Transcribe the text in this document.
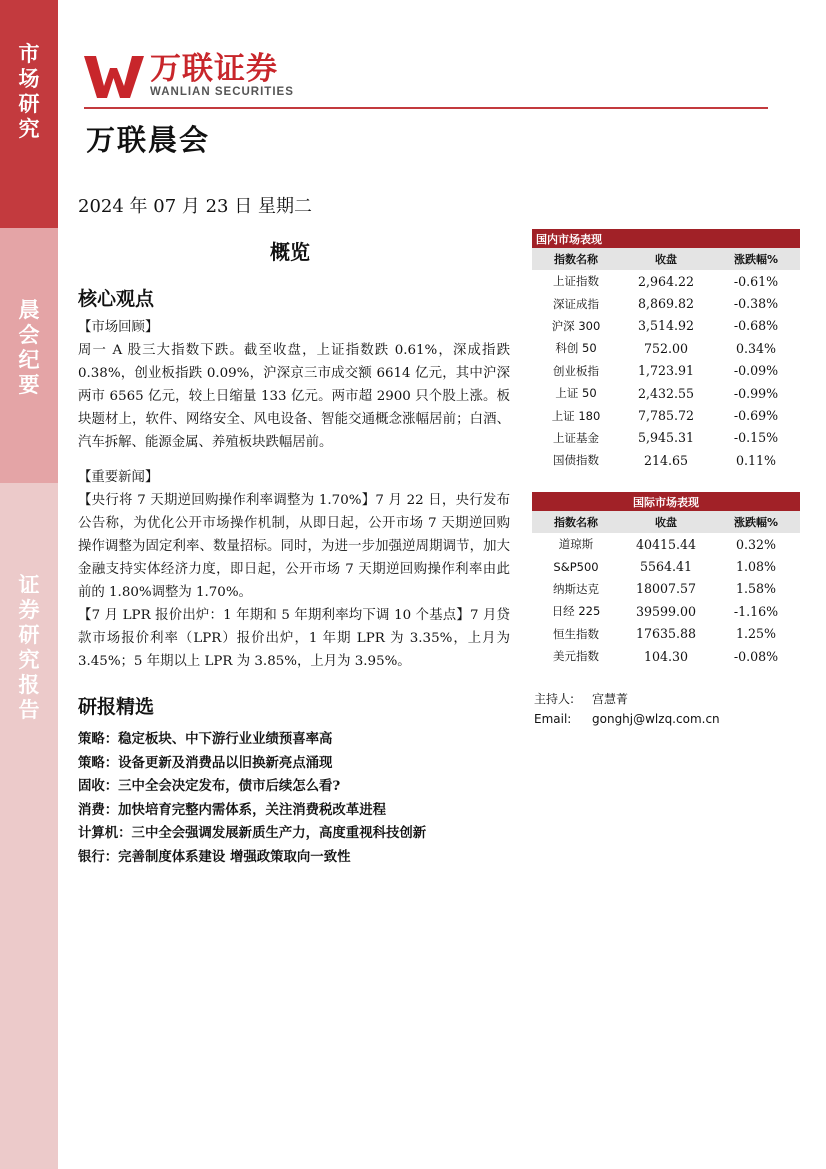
市
场
研
究
晨
会
纪
要
证
券
研
究
报
告
万联证券
WANLIAN SECURITIES
万联晨会
2024 年 07 月 23 日 星期二
概览
核心观点

【市场回顾】

周一 A 股三大指数下跌。截至收盘，上证指数跌 0.61%，深成指跌 0.38%，创业板指跌 0.09%，沪深京三市成交额 6614 亿元，其中沪深两市 6565 亿元，较上日缩量 133 亿元。两市超 2900 只个股上涨。板块题材上，软件、网络安全、风电设备、智能交通概念涨幅居前；白酒、汽车拆解、能源金属、养殖板块跌幅居前。

【重要新闻】

【央行将 7 天期逆回购操作利率调整为 1.70%】7 月 22 日，央行发布公告称，为优化公开市场操作机制，从即日起，公开市场 7 天期逆回购操作调整为固定利率、数量招标。同时，为进一步加强逆周期调节，加大金融支持实体经济力度，即日起，公开市场 7 天期逆回购操作利率由此前的 1.80%调整为 1.70%。

【7 月 LPR 报价出炉：1 年期和 5 年期利率均下调 10 个基点】7 月贷款市场报价利率（LPR）报价出炉，1 年期 LPR 为 3.35%，上月为 3.45%；5 年期以上 LPR 为 3.85%，上月为 3.95%。

研报精选
策略：稳定板块、中下游行业业绩预喜率高
策略：设备更新及消费品以旧换新亮点涌现
固收：三中全会决定发布，债市后续怎么看?
消费：加快培育完整内需体系，关注消费税改革进程
计算机：三中全会强调发展新质生产力，高度重视科技创新
银行：完善制度体系建设 增强政策取向一致性
国内市场表现		
指数名称	收盘	涨跌幅%
上证指数	2,964.22	-0.61%
深证成指	8,869.82	-0.38%
沪深 300	3,514.92	-0.68%
科创 50	752.00	0.34%
创业板指	1,723.91	-0.09%
上证 50	2,432.55	-0.99%
上证 180	7,785.72	-0.69%
上证基金	5,945.31	-0.15%
国债指数	214.65	0.11%
国际市场表现		
指数名称	收盘	涨跌幅%
道琼斯	40415.44	0.32%
S&P500	5564.41	1.08%
纳斯达克	18007.57	1.58%
日经 225	39599.00	-1.16%
恒生指数	17635.88	1.25%
美元指数	104.30	-0.08%
主持人: 宫慧菁
Email: gonghj@wlzq.com.cn
